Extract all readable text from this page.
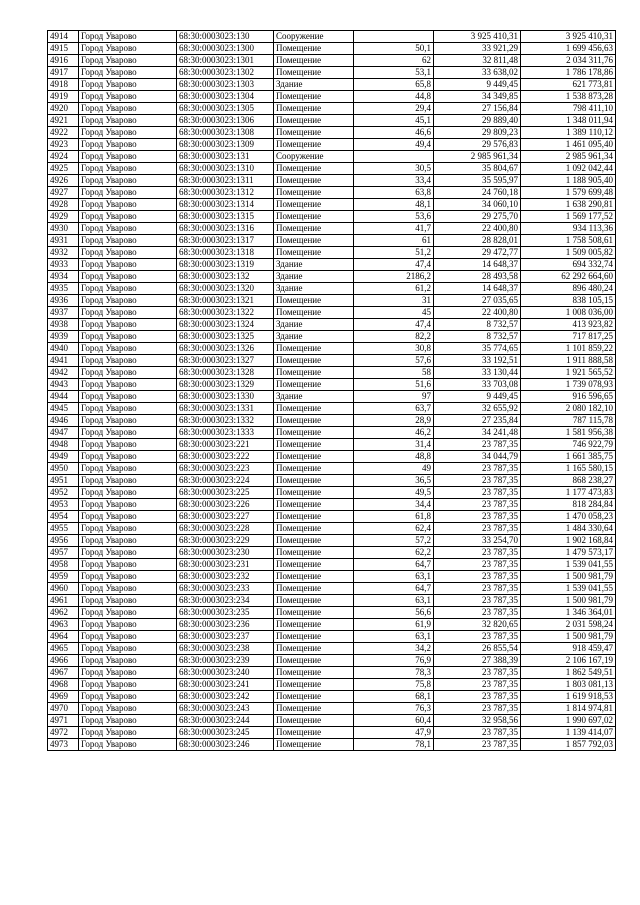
4914	Город Уварово	68:30:0003023:130	Сооружение		3 925 410,31	3 925 410,31
4915	Город Уварово	68:30:0003023:1300	Помещение	50,1	33 921,29	1 699 456,63
4916	Город Уварово	68:30:0003023:1301	Помещение	62	32 811,48	2 034 311,76
4917	Город Уварово	68:30:0003023:1302	Помещение	53,1	33 638,02	1 786 178,86
4918	Город Уварово	68:30:0003023:1303	Здание	65,8	9 449,45	621 773,81
4919	Город Уварово	68:30:0003023:1304	Помещение	44,8	34 349,85	1 538 873,28
4920	Город Уварово	68:30:0003023:1305	Помещение	29,4	27 156,84	798 411,10
4921	Город Уварово	68:30:0003023:1306	Помещение	45,1	29 889,40	1 348 011,94
4922	Город Уварово	68:30:0003023:1308	Помещение	46,6	29 809,23	1 389 110,12
4923	Город Уварово	68:30:0003023:1309	Помещение	49,4	29 576,83	1 461 095,40
4924	Город Уварово	68:30:0003023:131	Сооружение		2 985 961,34	2 985 961,34
4925	Город Уварово	68:30:0003023:1310	Помещение	30,5	35 804,67	1 092 042,44
4926	Город Уварово	68:30:0003023:1311	Помещение	33,4	35 595,97	1 188 905,40
4927	Город Уварово	68:30:0003023:1312	Помещение	63,8	24 760,18	1 579 699,48
4928	Город Уварово	68:30:0003023:1314	Помещение	48,1	34 060,10	1 638 290,81
4929	Город Уварово	68:30:0003023:1315	Помещение	53,6	29 275,70	1 569 177,52
4930	Город Уварово	68:30:0003023:1316	Помещение	41,7	22 400,80	934 113,36
4931	Город Уварово	68:30:0003023:1317	Помещение	61	28 828,01	1 758 508,61
4932	Город Уварово	68:30:0003023:1318	Помещение	51,2	29 472,77	1 509 005,82
4933	Город Уварово	68:30:0003023:1319	Здание	47,4	14 648,37	694 332,74
4934	Город Уварово	68:30:0003023:132	Здание	2186,2	28 493,58	62 292 664,60
4935	Город Уварово	68:30:0003023:1320	Здание	61,2	14 648,37	896 480,24
4936	Город Уварово	68:30:0003023:1321	Помещение	31	27 035,65	838 105,15
4937	Город Уварово	68:30:0003023:1322	Помещение	45	22 400,80	1 008 036,00
4938	Город Уварово	68:30:0003023:1324	Здание	47,4	8 732,57	413 923,82
4939	Город Уварово	68:30:0003023:1325	Здание	82,2	8 732,57	717 817,25
4940	Город Уварово	68:30:0003023:1326	Помещение	30,8	35 774,65	1 101 859,22
4941	Город Уварово	68:30:0003023:1327	Помещение	57,6	33 192,51	1 911 888,58
4942	Город Уварово	68:30:0003023:1328	Помещение	58	33 130,44	1 921 565,52
4943	Город Уварово	68:30:0003023:1329	Помещение	51,6	33 703,08	1 739 078,93
4944	Город Уварово	68:30:0003023:1330	Здание	97	9 449,45	916 596,65
4945	Город Уварово	68:30:0003023:1331	Помещение	63,7	32 655,92	2 080 182,10
4946	Город Уварово	68:30:0003023:1332	Помещение	28,9	27 235,84	787 115,78
4947	Город Уварово	68:30:0003023:1333	Помещение	46,2	34 241,48	1 581 956,38
4948	Город Уварово	68:30:0003023:221	Помещение	31,4	23 787,35	746 922,79
4949	Город Уварово	68:30:0003023:222	Помещение	48,8	34 044,79	1 661 385,75
4950	Город Уварово	68:30:0003023:223	Помещение	49	23 787,35	1 165 580,15
4951	Город Уварово	68:30:0003023:224	Помещение	36,5	23 787,35	868 238,27
4952	Город Уварово	68:30:0003023:225	Помещение	49,5	23 787,35	1 177 473,83
4953	Город Уварово	68:30:0003023:226	Помещение	34,4	23 787,35	818 284,84
4954	Город Уварово	68:30:0003023:227	Помещение	61,8	23 787,35	1 470 058,23
4955	Город Уварово	68:30:0003023:228	Помещение	62,4	23 787,35	1 484 330,64
4956	Город Уварово	68:30:0003023:229	Помещение	57,2	33 254,70	1 902 168,84
4957	Город Уварово	68:30:0003023:230	Помещение	62,2	23 787,35	1 479 573,17
4958	Город Уварово	68:30:0003023:231	Помещение	64,7	23 787,35	1 539 041,55
4959	Город Уварово	68:30:0003023:232	Помещение	63,1	23 787,35	1 500 981,79
4960	Город Уварово	68:30:0003023:233	Помещение	64,7	23 787,35	1 539 041,55
4961	Город Уварово	68:30:0003023:234	Помещение	63,1	23 787,35	1 500 981,79
4962	Город Уварово	68:30:0003023:235	Помещение	56,6	23 787,35	1 346 364,01
4963	Город Уварово	68:30:0003023:236	Помещение	61,9	32 820,65	2 031 598,24
4964	Город Уварово	68:30:0003023:237	Помещение	63,1	23 787,35	1 500 981,79
4965	Город Уварово	68:30:0003023:238	Помещение	34,2	26 855,54	918 459,47
4966	Город Уварово	68:30:0003023:239	Помещение	76,9	27 388,39	2 106 167,19
4967	Город Уварово	68:30:0003023:240	Помещение	78,3	23 787,35	1 862 549,51
4968	Город Уварово	68:30:0003023:241	Помещение	75,8	23 787,35	1 803 081,13
4969	Город Уварово	68:30:0003023:242	Помещение	68,1	23 787,35	1 619 918,53
4970	Город Уварово	68:30:0003023:243	Помещение	76,3	23 787,35	1 814 974,81
4971	Город Уварово	68:30:0003023:244	Помещение	60,4	32 958,56	1 990 697,02
4972	Город Уварово	68:30:0003023:245	Помещение	47,9	23 787,35	1 139 414,07
4973	Город Уварово	68:30:0003023:246	Помещение	78,1	23 787,35	1 857 792,03
